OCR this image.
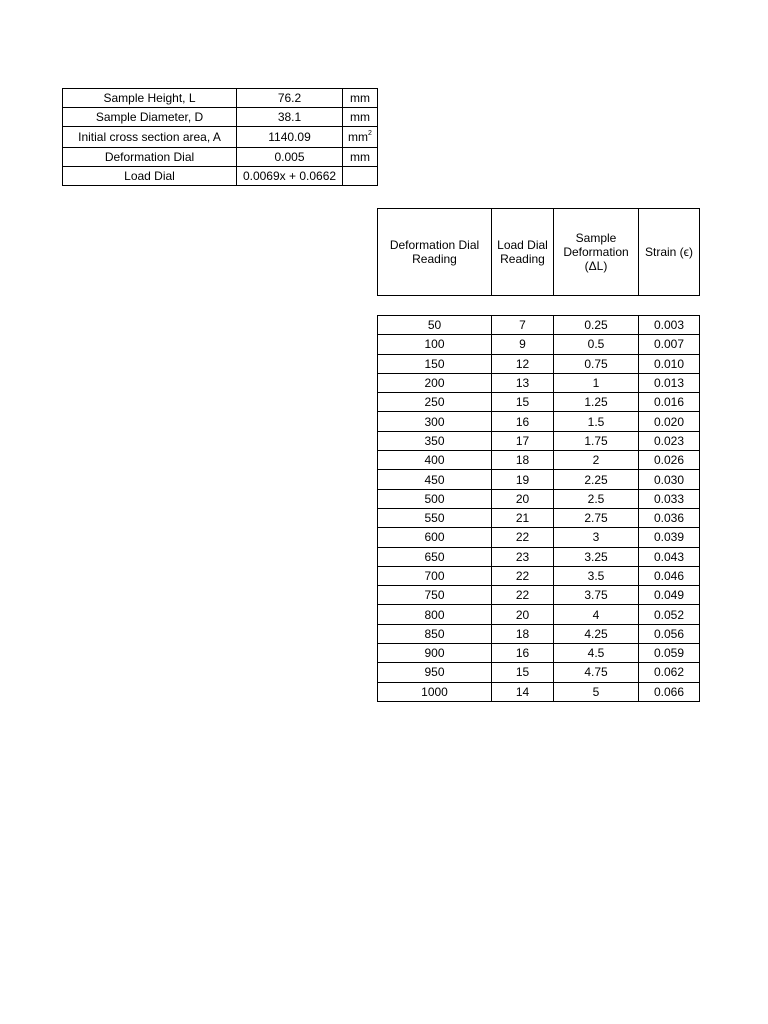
Sample Height, L	76.2	mm
Sample Diameter, D	38.1	mm
Initial cross section area, A	1140.09	$mm^2$
Deformation Dial	0.005	mm
Load Dial	0.0069x + 0.0662	
Deformation Dial Reading	Load Dial Reading	Sample Deformation (ΔL)	Strain (ϵ)
50	7	0.25	0.003
100	9	0.5	0.007
150	12	0.75	0.010
200	13	1	0.013
250	15	1.25	0.016
300	16	1.5	0.020
350	17	1.75	0.023
400	18	2	0.026
450	19	2.25	0.030
500	20	2.5	0.033
550	21	2.75	0.036
600	22	3	0.039
650	23	3.25	0.043
700	22	3.5	0.046
750	22	3.75	0.049
800	20	4	0.052
850	18	4.25	0.056
900	16	4.5	0.059
950	15	4.75	0.062
1000	14	5	0.066
